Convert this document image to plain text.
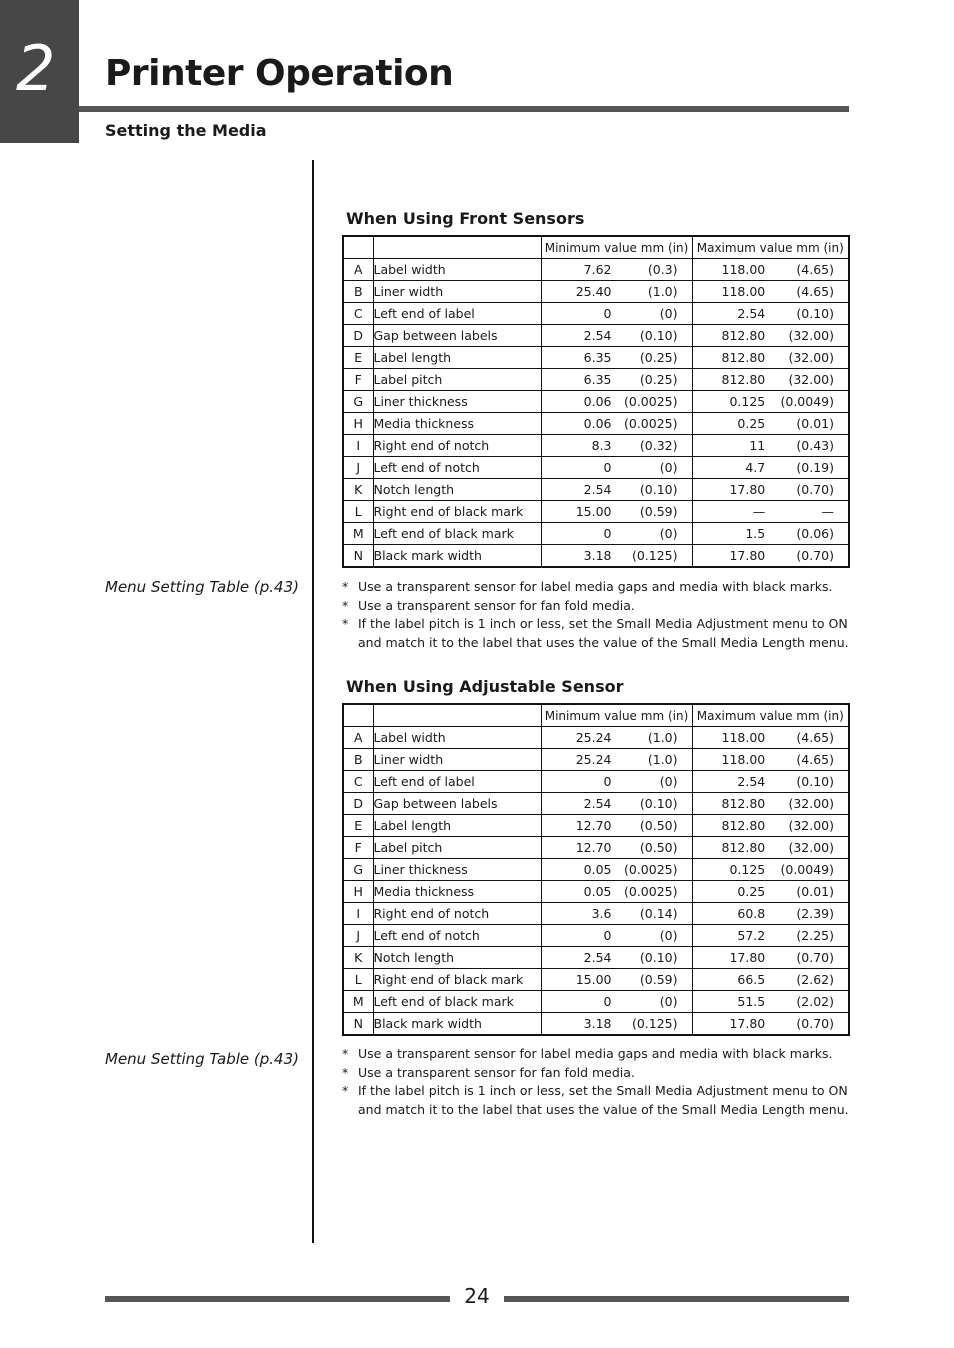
2 Printer Operation
Setting the Media
When Using Front Sensors
		Minimum value mm (in)	Maximum value mm (in)
A	Label width	7.62 (0.3)	118.00 (4.65)

B	Liner width	25.40 (1.0)	118.00 (4.65)

C	Left end of label	0 (0)	2.54 (0.10)

D	Gap between labels	2.54 (0.10)	812.80 (32.00)

E	Label length	6.35 (0.25)	812.80 (32.00)

F	Label pitch	6.35 (0.25)	812.80 (32.00)

G	Liner thickness	0.06 (0.0025)	0.125 (0.0049)

H	Media thickness	0.06 (0.0025)	0.25 (0.01)

I	Right end of notch	8.3 (0.32)	11 (0.43)

J	Left end of notch	0 (0)	4.7 (0.19)

K	Notch length	2.54 (0.10)	17.80 (0.70)

L	Right end of black mark	15.00 (0.59)	— —

M	Left end of black mark	0 (0)	1.5 (0.06)

N	Black mark width	3.18 (0.125)	17.80 (0.70)
Menu Setting Table (p.43)	* Use a transparent sensor for label media gaps and media with black marks.
* Use a transparent sensor for fan fold media.
* If the label pitch is 1 inch or less, set the Small Media Adjustment menu to ON and match it to the label that uses the value of the Small Media Length menu.
When Using Adjustable Sensor
		Minimum value mm (in)	Maximum value mm (in)
A	Label width	25.24 (1.0)	118.00 (4.65)

B	Liner width	25.24 (1.0)	118.00 (4.65)

C	Left end of label	0 (0)	2.54 (0.10)

D	Gap between labels	2.54 (0.10)	812.80 (32.00)

E	Label length	12.70 (0.50)	812.80 (32.00)

F	Label pitch	12.70 (0.50)	812.80 (32.00)

G	Liner thickness	0.05 (0.0025)	0.125 (0.0049)

H	Media thickness	0.05 (0.0025)	0.25 (0.01)

I	Right end of notch	3.6 (0.14)	60.8 (2.39)

J	Left end of notch	0 (0)	57.2 (2.25)

K	Notch length	2.54 (0.10)	17.80 (0.70)

L	Right end of black mark	15.00 (0.59)	66.5 (2.62)

M	Left end of black mark	0 (0)	51.5 (2.02)

N	Black mark width	3.18 (0.125)	17.80 (0.70)
Menu Setting Table (p.43)	* Use a transparent sensor for label media gaps and media with black marks.
* Use a transparent sensor for fan fold media.
* If the label pitch is 1 inch or less, set the Small Media Adjustment menu to ON and match it to the label that uses the value of the Small Media Length menu.
24
